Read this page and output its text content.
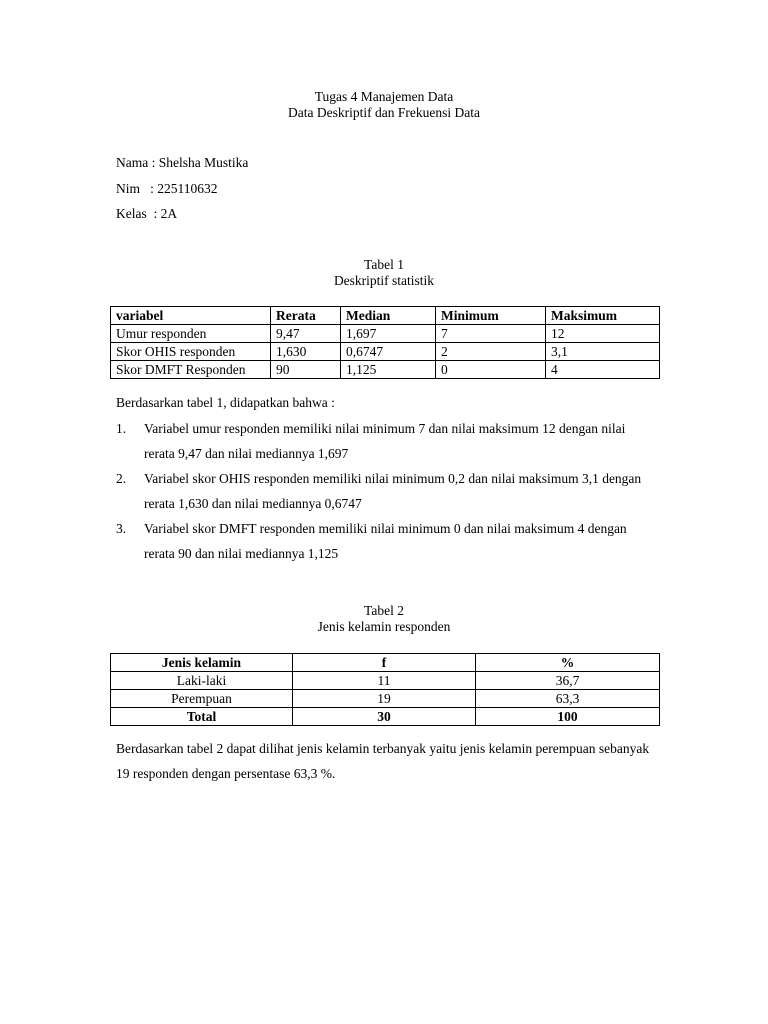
Tugas 4 Manajemen Data
Data Deskriptif dan Frekuensi Data
Nama : Shelsha Mustika
Nim   : 225110632
Kelas  : 2A
Tabel 1
Deskriptif statistik
variabel	Rerata	Median	Minimum	Maksimum
Umur responden	9,47	1,697	7	12
Skor OHIS responden	1,630	0,6747	2	3,1
Skor DMFT Responden	90	1,125	0	4
Berdasarkan tabel 1, didapatkan bahwa :
1. Variabel umur responden memiliki nilai minimum 7 dan nilai maksimum 12 dengan nilai rerata 9,47 dan nilai mediannya 1,697
2. Variabel skor OHIS responden memiliki nilai minimum 0,2 dan nilai maksimum 3,1 dengan rerata 1,630 dan nilai mediannya 0,6747
3. Variabel skor DMFT responden memiliki nilai minimum 0 dan nilai maksimum 4 dengan rerata 90 dan nilai mediannya 1,125
Tabel 2
Jenis kelamin responden
Jenis kelamin	f	%
Laki-laki	11	36,7
Perempuan	19	63,3
Total	30	100
Berdasarkan tabel 2 dapat dilihat jenis kelamin terbanyak yaitu jenis kelamin perempuan sebanyak 19 responden dengan persentase 63,3 %.
